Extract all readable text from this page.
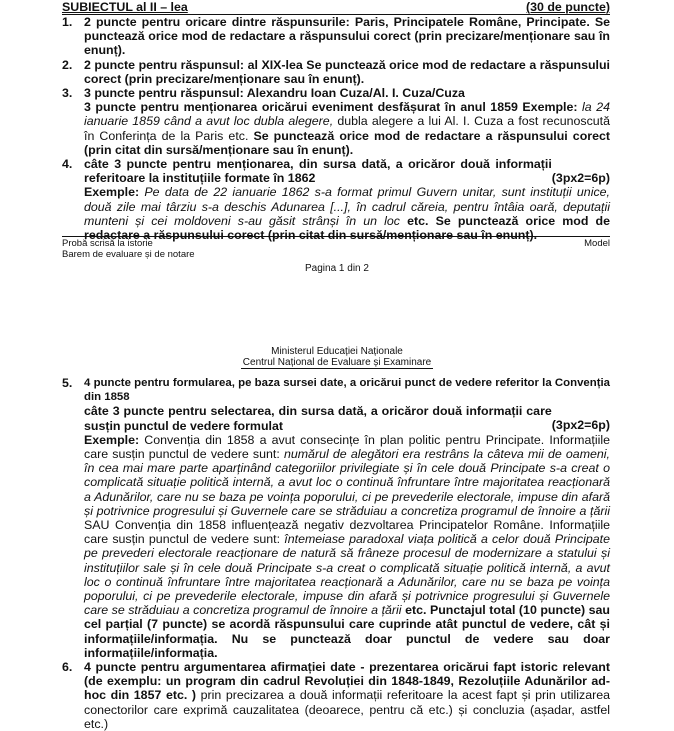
SUBIECTUL al II – lea	(30 de puncte)
1. 2 puncte pentru oricare dintre răspunsurile: Paris, Principatele Române, Principate. Se punctează orice mod de redactare a răspunsului corect (prin precizare/menționare sau în enunț).
2. 2 puncte pentru răspunsul: al XIX-lea Se punctează orice mod de redactare a răspunsului corect (prin precizare/menționare sau în enunț).
3. 3 puncte pentru răspunsul: Alexandru Ioan Cuza/Al. I. Cuza/Cuza
3 puncte pentru menționarea oricărui eveniment desfășurat în anul 1859 Exemple: la 24 ianuarie 1859 când a avut loc dubla alegere, dubla alegere a lui Al. I. Cuza a fost recunoscută în Conferința de la Paris etc. Se punctează orice mod de redactare a răspunsului corect (prin citat din sursă/menționare sau în enunț).
4.
(3px2=6p)
câte 3 puncte pentru menționarea, din sursa dată, a oricăror două informații referitoare la instituțiile formate în 1862
Exemple: Pe data de 22 ianuarie 1862 s-a format primul Guvern unitar, sunt instituții unice, două zile mai târziu s-a deschis Adunarea [...], în cadrul căreia, pentru întâia oară, deputații munteni și cei moldoveni s-au găsit strânși în un loc etc. Se punctează orice mod de redactare a răspunsului corect (prin citat din sursă/menționare sau în enunț).
Probă scrisă la istorie
Barem de evaluare și de notare
Model
Pagina 1 din 2
Ministerul Educației Naționale
Centrul Național de Evaluare și Examinare
5. 4 puncte pentru formularea, pe baza sursei date, a oricărui punct de vedere referitor la Convenția din 1858
(3px2=6p)
câte 3 puncte pentru selectarea, din sursa dată, a oricăror două informații care susțin punctul de vedere formulat
Exemple: Convenția din 1858 a avut consecințe în plan politic pentru Principate. Informațiile care susțin punctul de vedere sunt: numărul de alegători era restrâns la câteva mii de oameni, în cea mai mare parte aparținând categoriilor privilegiate și în cele două Principate s-a creat o complicată situație politică internă, a avut loc o continuă înfruntare între majoritatea reacționară a Adunărilor, care nu se baza pe voința poporului, ci pe prevederile electorale, impuse din afară și potrivnice progresului și Guvernele care se străduiau a concretiza programul de înnoire a țării SAU Convenția din 1858 influențează negativ dezvoltarea Principatelor Române. Informațiile care susțin punctul de vedere sunt: întemeiase paradoxal viața politică a celor două Principate pe prevederi electorale reacționare de natură să frâneze procesul de modernizare a statului și instituțiilor sale și în cele două Principate s-a creat o complicată situație politică internă, a avut loc o continuă înfruntare între majoritatea reacționară a Adunărilor, care nu se baza pe voința poporului, ci pe prevederile electorale, impuse din afară și potrivnice progresului și Guvernele care se străduiau a concretiza programul de înnoire a țării etc. Punctajul total (10 puncte) sau cel parțial (7 puncte) se acordă răspunsului care cuprinde atât punctul de vedere, cât și informațiile/informația. Nu se punctează doar punctul de vedere sau doar informațiile/informația.
6. 4 puncte pentru argumentarea afirmației date - prezentarea oricărui fapt istoric relevant (de exemplu: un program din cadrul Revoluției din 1848-1849, Rezoluțiile Adunărilor ad-hoc din 1857 etc. ) prin precizarea a două informații referitoare la acest fapt și prin utilizarea conectorilor care exprimă cauzalitatea (deoarece, pentru că etc.) și concluzia (așadar, astfel etc.)
